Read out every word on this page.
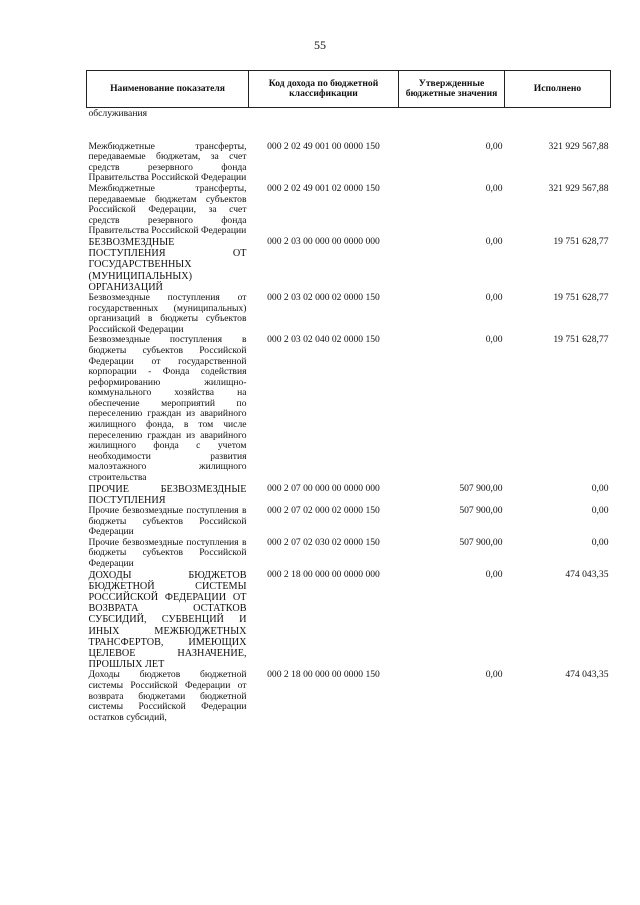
55
Наименование показателя	Код дохода по бюджетной классификации	Утвержденные бюджетные значения	Исполнено
обслуживания			
Межбюджетные трансферты, передаваемые бюджетам, за счет средств резервного фонда Правительства Российской Федерации	000 2 02 49 001 00 0000 150	0,00	321 929 567,88
Межбюджетные трансферты, передаваемые бюджетам субъектов Российской Федерации, за счет средств резервного фонда Правительства Российской Федерации	000 2 02 49 001 02 0000 150	0,00	321 929 567,88
БЕЗВОЗМЕЗДНЫЕ ПОСТУПЛЕНИЯ ОТ ГОСУДАРСТВЕННЫХ (МУНИЦИПАЛЬНЫХ) ОРГАНИЗАЦИЙ	000 2 03 00 000 00 0000 000	0,00	19 751 628,77
Безвозмездные поступления от государственных (муниципальных) организаций в бюджеты субъектов Российской Федерации	000 2 03 02 000 02 0000 150	0,00	19 751 628,77
Безвозмездные поступления в бюджеты субъектов Российской Федерации от государственной корпорации - Фонда содействия реформированию жилищно-коммунального хозяйства на обеспечение мероприятий по переселению граждан из аварийного жилищного фонда, в том числе переселению граждан из аварийного жилищного фонда с учетом необходимости развития малоэтажного жилищного строительства	000 2 03 02 040 02 0000 150	0,00	19 751 628,77
ПРОЧИЕ БЕЗВОЗМЕЗДНЫЕ ПОСТУПЛЕНИЯ	000 2 07 00 000 00 0000 000	507 900,00	0,00
Прочие безвозмездные поступления в бюджеты субъектов Российской Федерации	000 2 07 02 000 02 0000 150	507 900,00	0,00
Прочие безвозмездные поступления в бюджеты субъектов Российской Федерации	000 2 07 02 030 02 0000 150	507 900,00	0,00
ДОХОДЫ БЮДЖЕТОВ БЮДЖЕТНОЙ СИСТЕМЫ РОССИЙСКОЙ ФЕДЕРАЦИИ ОТ ВОЗВРАТА ОСТАТКОВ СУБСИДИЙ, СУБВЕНЦИЙ И ИНЫХ МЕЖБЮДЖЕТНЫХ ТРАНСФЕРТОВ, ИМЕЮЩИХ ЦЕЛЕВОЕ НАЗНАЧЕНИЕ, ПРОШЛЫХ ЛЕТ	000 2 18 00 000 00 0000 000	0,00	474 043,35
Доходы бюджетов бюджетной системы Российской Федерации от возврата бюджетами бюджетной системы Российской Федерации остатков субсидий,	000 2 18 00 000 00 0000 150	0,00	474 043,35
